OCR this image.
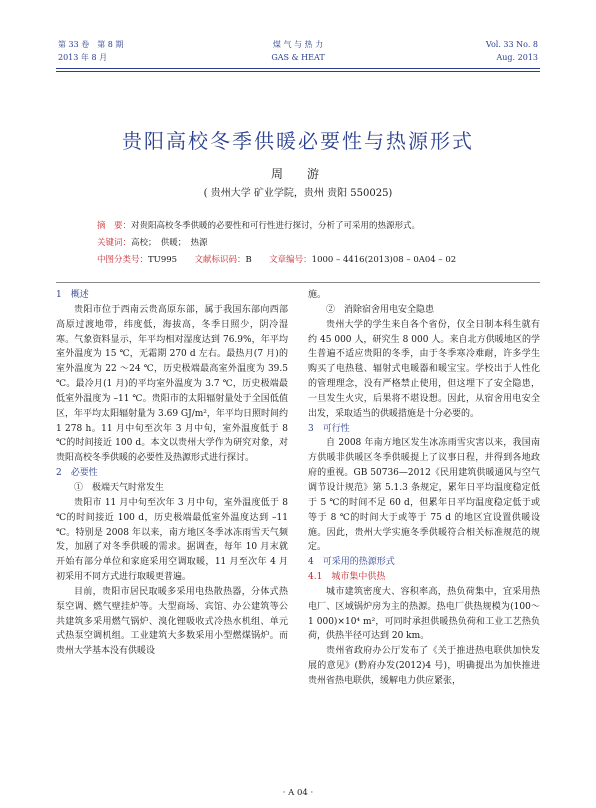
第 33 卷　第 8 期
2013 年 8 月
煤 气 与 热 力
GAS & HEAT
Vol. 33 No. 8
Aug. 2013
贵阳高校冬季供暖必要性与热源形式
周　游
( 贵州大学 矿业学院，贵州 贵阳 550025)
摘　要：对贵阳高校冬季供暖的必要性和可行性进行探讨，分析了可采用的热源形式。
关键词：高校；　供暖；　热源
中图分类号：TU995 文献标识码：B 文章编号：1000 – 4416(2013)08 – 0A04 – 02

1　概述

贵阳市位于西南云贵高原东部，属于我国东部向西部高原过渡地带，纬度低，海拔高，冬季日照少，阴冷湿寒。气象资料显示，年平均相对湿度达到 76.9%，年平均室外温度为 15 ℃，无霜期 270 d 左右。最热月(7 月)的室外温度为 22 ～24 ℃，历史极端最高室外温度为 39.5 ℃。最冷月(1 月)的平均室外温度为 3.7 ℃，历史极端最低室外温度为 –11 ℃。贵阳市的太阳辐射量处于全国低值区，年平均太阳辐射量为 3.69 GJ/m²，年平均日照时间约 1 278 h。11 月中旬至次年 3 月中旬，室外温度低于 8 ℃的时间接近 100 d。本文以贵州大学作为研究对象，对贵阳高校冬季供暖的必要性及热源形式进行探讨。

2　必要性

①　极端天气时常发生

贵阳市 11 月中旬至次年 3 月中旬，室外温度低于 8 ℃的时间接近 100 d，历史极端最低室外温度达到 –11 ℃。特别是 2008 年以来，南方地区冬季冰冻雨雪天气频发，加剧了对冬季供暖的需求。据调查，每年 10 月末就开始有部分单位和家庭采用空调取暖，11 月至次年 4 月初采用不同方式进行取暖更普遍。

目前，贵阳市居民取暖多采用电热散热器，分体式热泵空调、燃气壁挂炉等。大型商场、宾馆、办公建筑等公共建筑多采用燃气锅炉、溴化锂吸收式冷热水机组、单元式热泵空调机组。工业建筑大多数采用小型燃煤锅炉。而贵州大学基本没有供暖设

施。

②　消除宿舍用电安全隐患

贵州大学的学生来自各个省份，仅全日制本科生就有约 45 000 人，研究生 8 000 人。来自北方供暖地区的学生普遍不适应贵阳的冬季，由于冬季寒冷难耐，许多学生购买了电热毯、辐射式电暖器和暖宝宝。学校出于人性化的管理理念，没有严格禁止使用，但这埋下了安全隐患，一旦发生火灾，后果将不堪设想。因此，从宿舍用电安全出发，采取适当的供暖措施是十分必要的。

3　可行性

自 2008 年南方地区发生冰冻雨雪灾害以来，我国南方供暖非供暖区冬季供暖提上了议事日程，并得到各地政府的重视。GB 50736—2012《民用建筑供暖通风与空气调节设计规范》第 5.1.3 条规定，累年日平均温度稳定低于 5 ℃的时间不足 60 d，但累年日平均温度稳定低于或等于 8 ℃的时间大于或等于 75 d 的地区宜设置供暖设施。因此，贵州大学实施冬季供暖符合相关标准规范的规定。

4　可采用的热源形式

4.1　城市集中供热

城市建筑密度大、容积率高，热负荷集中，宜采用热电厂、区域锅炉房为主的热源。热电厂供热规模为(100～1 000)×10⁴ m²，可同时承担供暖热负荷和工业工艺热负荷，供热半径可达到 20 km。

贵州省政府办公厅发布了《关于推进热电联供加快发展的意见》(黔府办发(2012)4 号)，明确提出为加快推进贵州省热电联供，缓解电力供应紧张，

· A 04 ·
